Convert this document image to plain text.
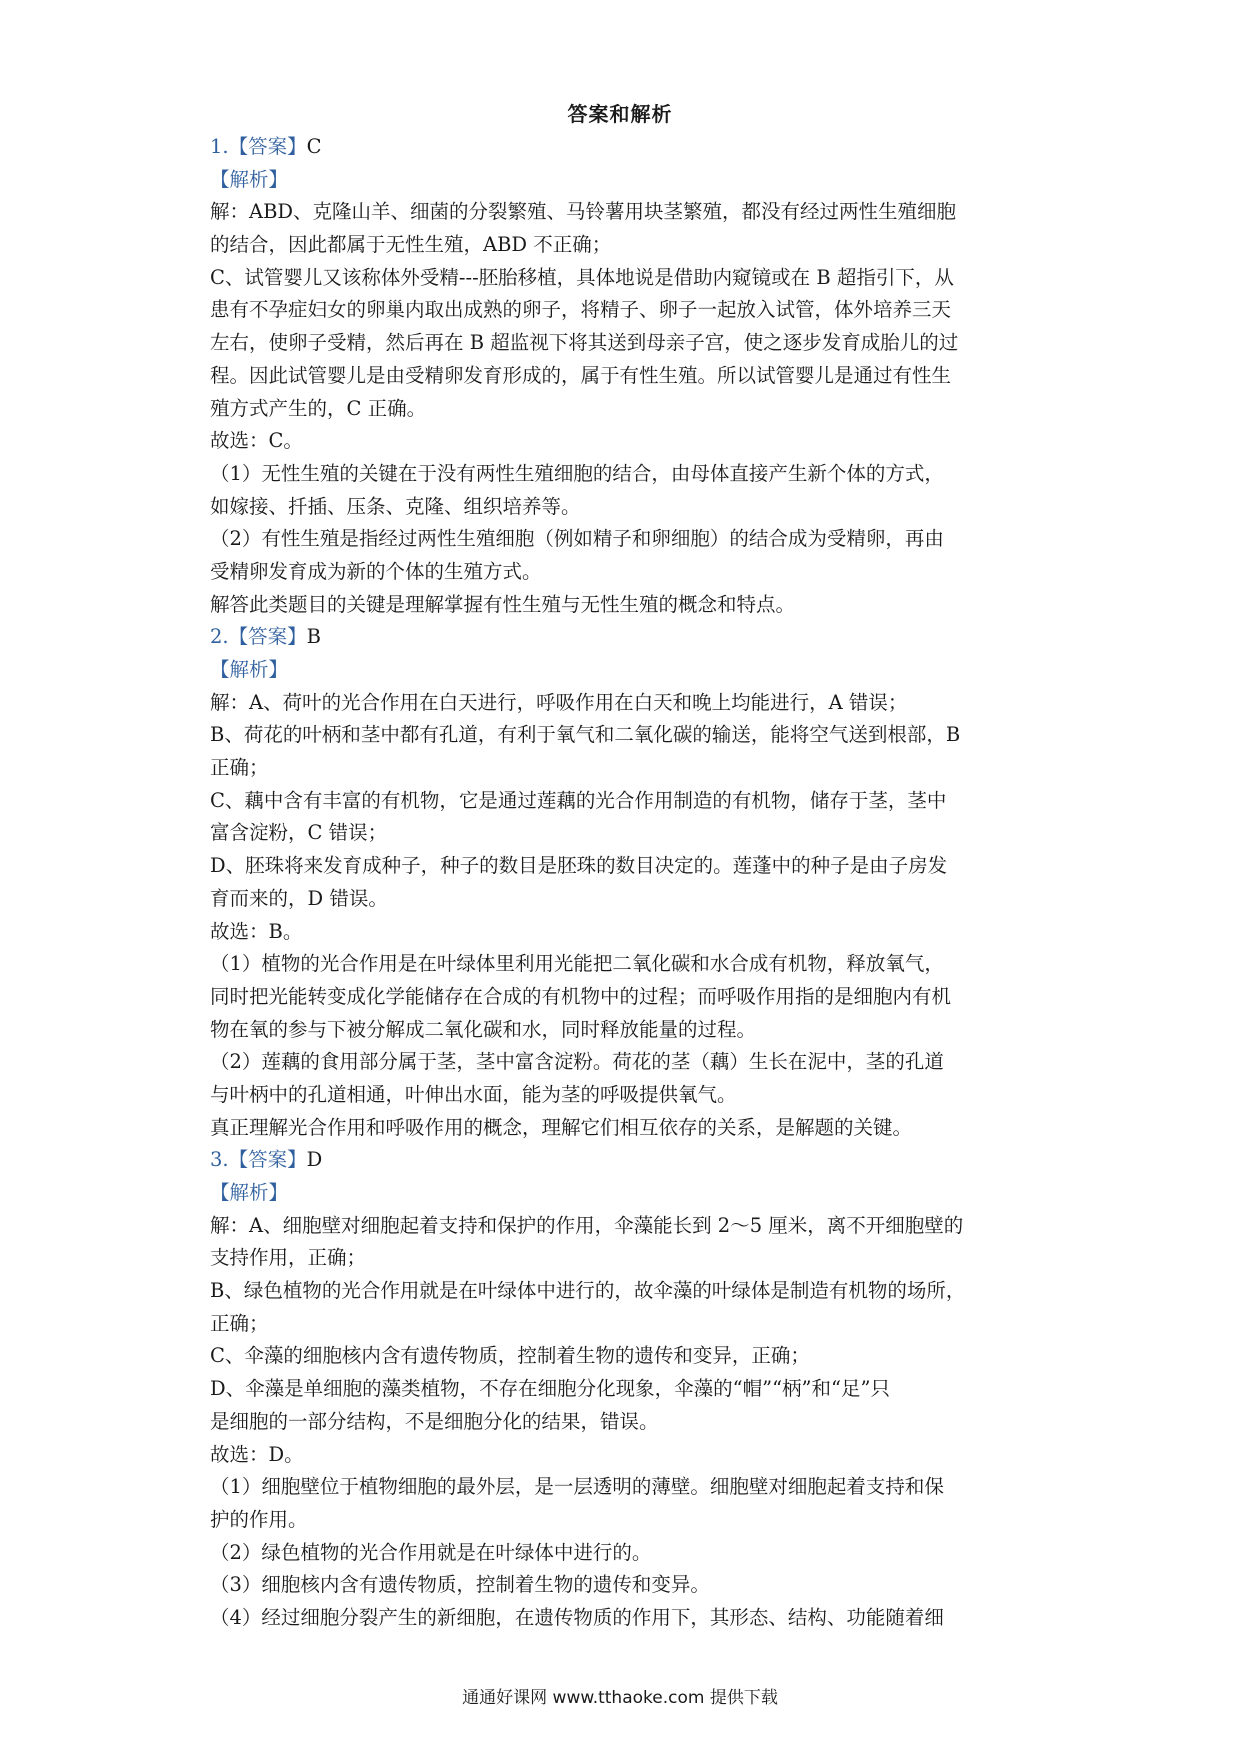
答案和解析
1.【答案】C
【解析】
解：ABD、克隆山羊、细菌的分裂繁殖、马铃薯用块茎繁殖，都没有经过两性生殖细胞
的结合，因此都属于无性生殖，ABD 不正确；
C、试管婴儿又该称体外受精---胚胎移植，具体地说是借助内窥镜或在 B 超指引下，从
患有不孕症妇女的卵巢内取出成熟的卵子，将精子、卵子一起放入试管，体外培养三天
左右，使卵子受精，然后再在 B 超监视下将其送到母亲子宫，使之逐步发育成胎儿的过
程。因此试管婴儿是由受精卵发育形成的，属于有性生殖。所以试管婴儿是通过有性生
殖方式产生的，C 正确。
故选：C。
（1）无性生殖的关键在于没有两性生殖细胞的结合，由母体直接产生新个体的方式，
如嫁接、扦插、压条、克隆、组织培养等。
（2）有性生殖是指经过两性生殖细胞（例如精子和卵细胞）的结合成为受精卵，再由
受精卵发育成为新的个体的生殖方式。
解答此类题目的关键是理解掌握有性生殖与无性生殖的概念和特点。
2.【答案】B
【解析】
解：A、荷叶的光合作用在白天进行，呼吸作用在白天和晚上均能进行，A 错误；
B、荷花的叶柄和茎中都有孔道，有利于氧气和二氧化碳的输送，能将空气送到根部，B
正确；
C、藕中含有丰富的有机物，它是通过莲藕的光合作用制造的有机物，储存于茎，茎中
富含淀粉，C 错误；
D、胚珠将来发育成种子，种子的数目是胚珠的数目决定的。莲蓬中的种子是由子房发
育而来的，D 错误。
故选：B。
（1）植物的光合作用是在叶绿体里利用光能把二氧化碳和水合成有机物，释放氧气，
同时把光能转变成化学能储存在合成的有机物中的过程；而呼吸作用指的是细胞内有机
物在氧的参与下被分解成二氧化碳和水，同时释放能量的过程。
（2）莲藕的食用部分属于茎，茎中富含淀粉。荷花的茎（藕）生长在泥中，茎的孔道
与叶柄中的孔道相通，叶伸出水面，能为茎的呼吸提供氧气。
真正理解光合作用和呼吸作用的概念，理解它们相互依存的关系，是解题的关键。
3.【答案】D
【解析】
解：A、细胞壁对细胞起着支持和保护的作用，伞藻能长到 2～5 厘米，离不开细胞壁的
支持作用，正确；
B、绿色植物的光合作用就是在叶绿体中进行的，故伞藻的叶绿体是制造有机物的场所，
正确；
C、伞藻的细胞核内含有遗传物质，控制着生物的遗传和变异，正确；
D、伞藻是单细胞的藻类植物，不存在细胞分化现象，伞藻的“帽”“柄”和“足”只
是细胞的一部分结构，不是细胞分化的结果，错误。
故选：D。
（1）细胞壁位于植物细胞的最外层，是一层透明的薄壁。细胞壁对细胞起着支持和保
护的作用。
（2）绿色植物的光合作用就是在叶绿体中进行的。
（3）细胞核内含有遗传物质，控制着生物的遗传和变异。
（4）经过细胞分裂产生的新细胞，在遗传物质的作用下，其形态、结构、功能随着细
通通好课网 www.tthaoke.com 提供下载
